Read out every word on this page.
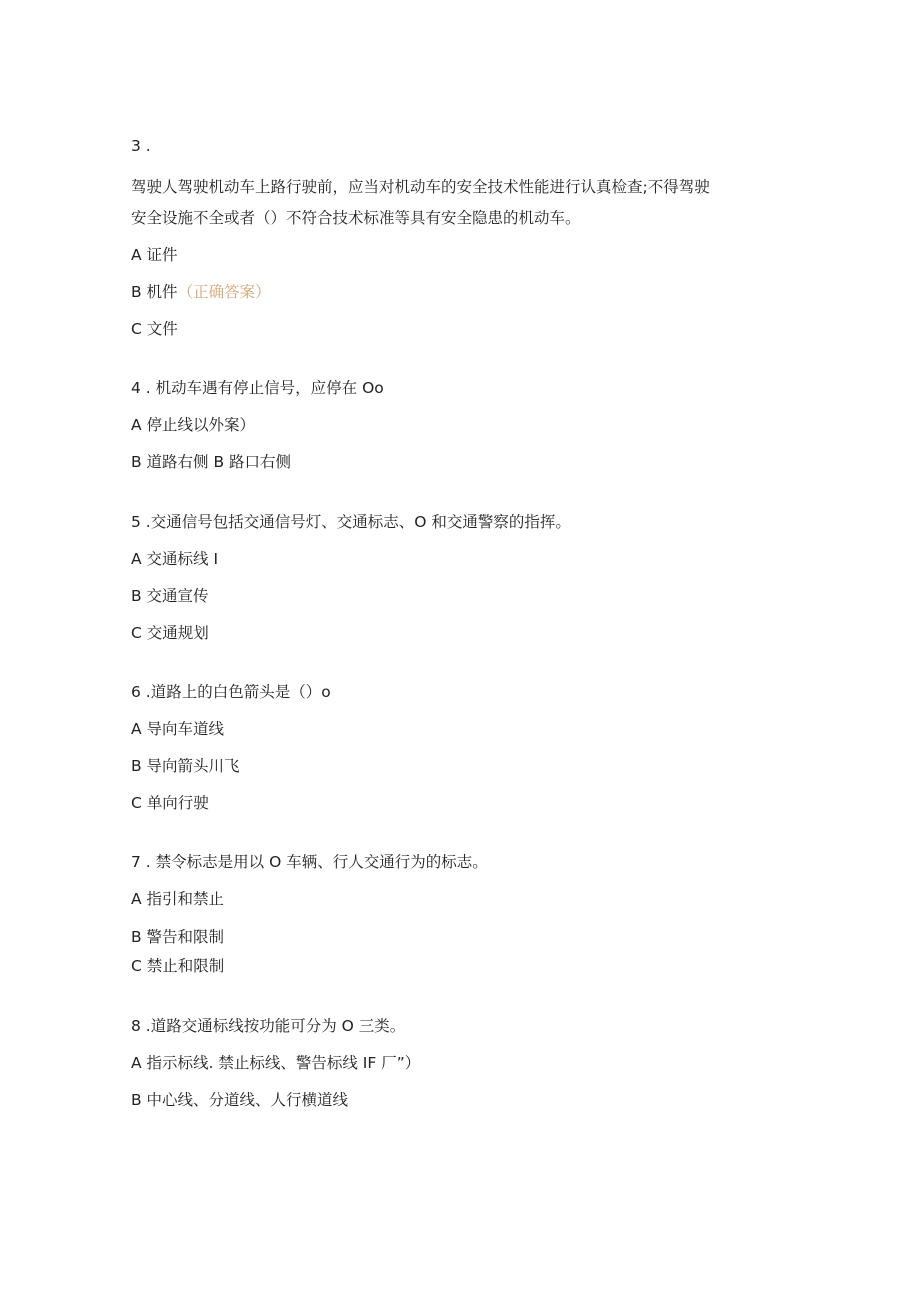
3 .
驾驶人驾驶机动车上路行驶前，应当对机动车的安全技术性能进行认真检查;不得驾驶
安全设施不全或者（）不符合技术标准等具有安全隐患的机动车。
A 证件
B 机件（正确答案）
C 文件
4 . 机动车遇有停止信号，应停在 Oo
A 停止线以外案）
B 道路右侧 B 路口右侧
5 .交通信号包括交通信号灯、交通标志、O 和交通警察的指挥。
A 交通标线 I
B 交通宣传
C 交通规划
6 .道路上的白色箭头是（）o
A 导向车道线
B 导向箭头川飞
C 单向行驶
7 . 禁令标志是用以 O 车辆、行人交通行为的标志。
A 指引和禁止
B 警告和限制
C 禁止和限制
8 .道路交通标线按功能可分为 O 三类。
A 指示标线. 禁止标线、警告标线 IF 厂”）
B 中心线、分道线、人行横道线
